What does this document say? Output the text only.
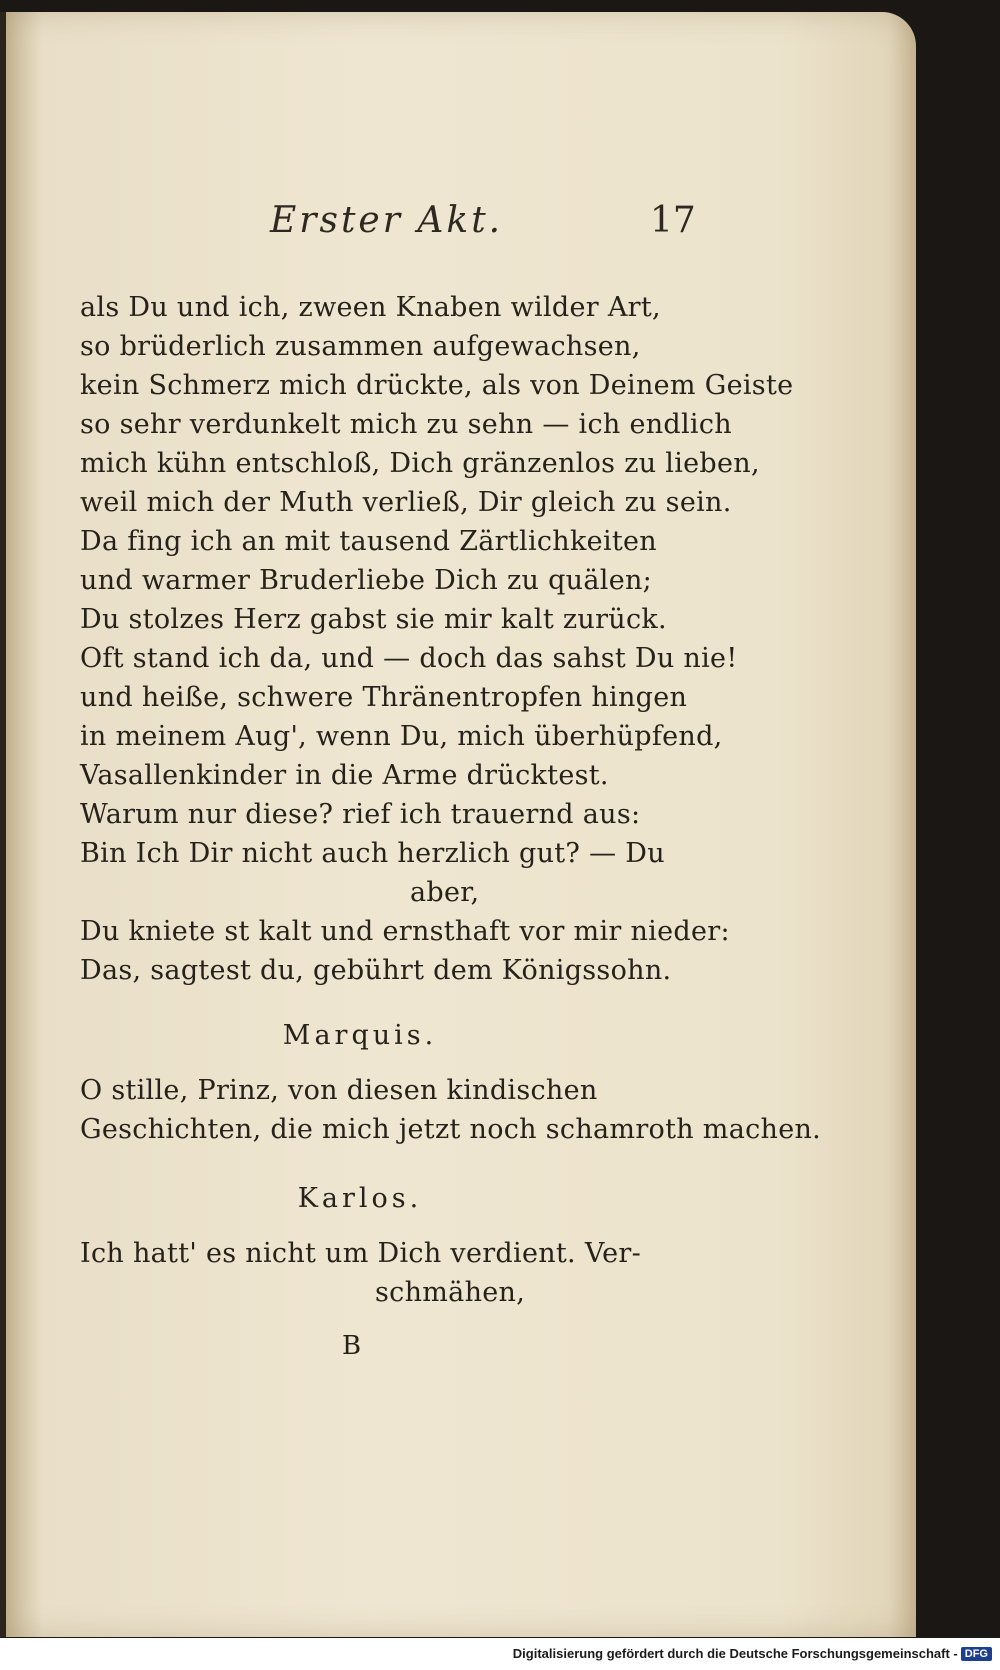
Erster Akt.	17
als Du und ich, zween Knaben wilder Art,
so brüderlich zusammen aufgewachsen,
kein Schmerz mich drückte, als von Deinem Geiste
so sehr verdunkelt mich zu sehn — ich endlich
mich kühn entschloß, Dich gränzenlos zu lieben,
weil mich der Muth verließ, Dir gleich zu sein.
Da fing ich an mit tausend Zärtlichkeiten
und warmer Bruderliebe Dich zu quälen;
Du stolzes Herz gabst sie mir kalt zurück.
Oft stand ich da, und — doch das sahst Du nie!
und heiße, schwere Thränentropfen hingen
in meinem Aug', wenn Du, mich überhüpfend,
Vasallenkinder in die Arme drücktest.
Warum nur diese? rief ich trauernd aus:
Bin Ich Dir nicht auch herzlich gut? — Du
aber,
Du kniete st kalt und ernsthaft vor mir nieder:
Das, sagtest du, gebührt dem Königssohn.
Marquis.
O stille, Prinz, von diesen kindischen
Geschichten, die mich jetzt noch schamroth machen.
Karlos.
Ich hatt' es nicht um Dich verdient. Ver-
schmähen,
B
Digitalisierung gefördert durch die Deutsche Forschungsgemeinschaft - DFG
